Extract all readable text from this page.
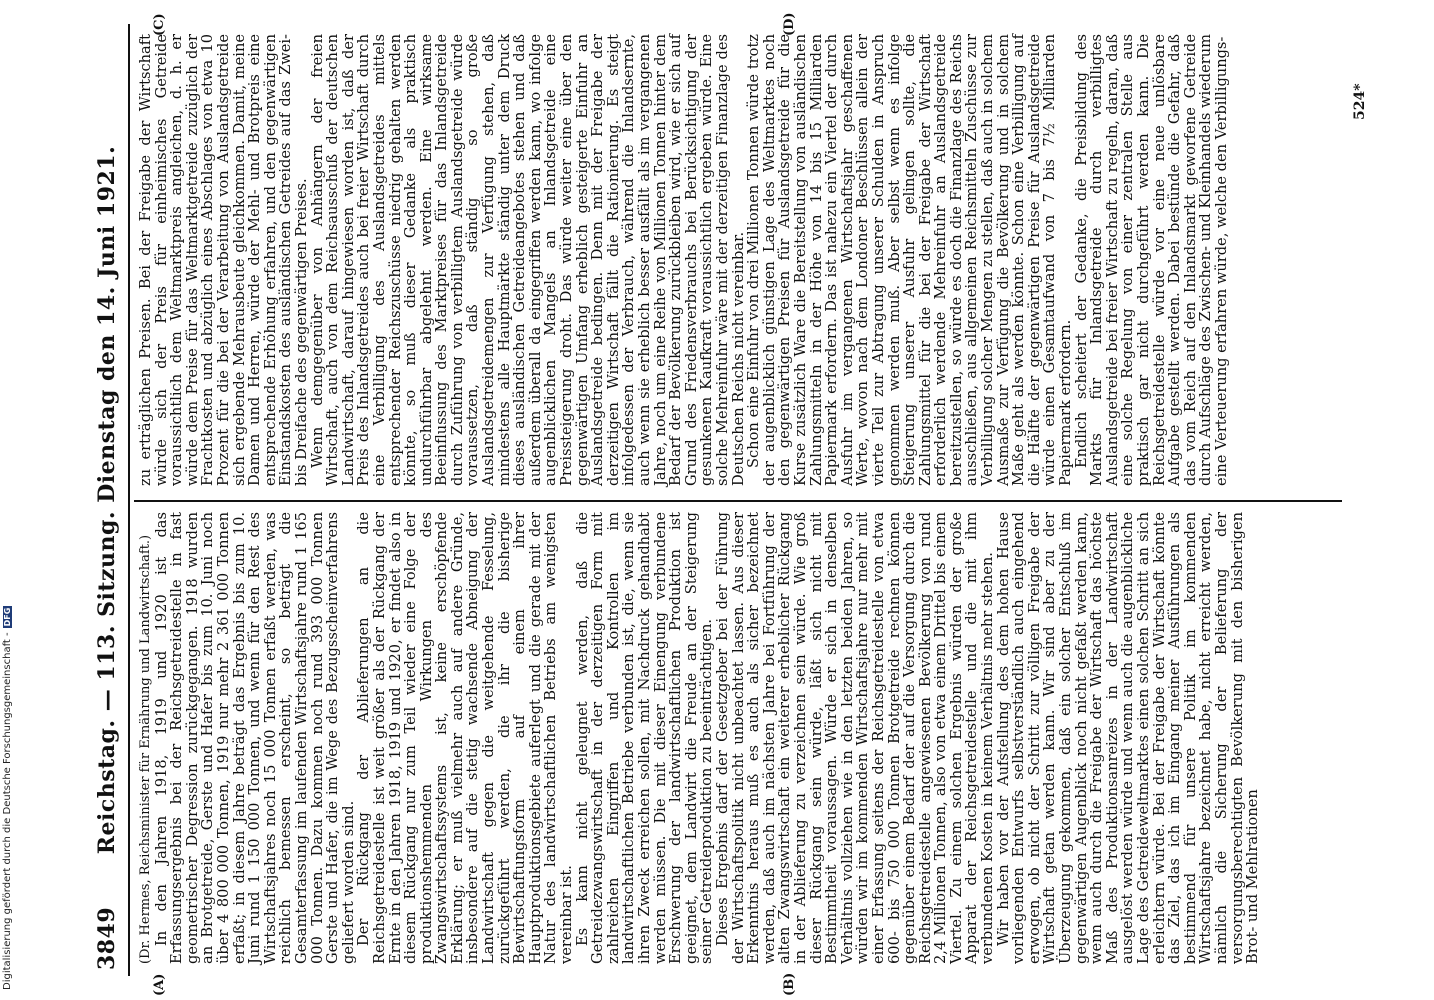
Digitalisierung gefördert durch die Deutsche Forschungsgemeinschaft -DFG
3849
Reichstag. — 113. Sitzung. Dienstag den 14. Juni 1921.
(A)	(B)
(C)	(D)

(Dr. Hermes, Reichsminister für Ernährung und Landwirtschaft.) In den Jahren 1918, 1919 und 1920 ist das Erfassungsergebnis bei der Reichsgetreidestelle in fast geometrischer Degression zurückgegangen. 1918 wurden an Brotgetreide, Gerste und Hafer bis zum 10. Juni noch über 4 800 000 Tonnen, 1919 nur mehr 2 361 000 Tonnen erfaßt; in diesem Jahre beträgt das Ergebnis bis zum 10. Juni rund 1 150 000 Tonnen, und wenn für den Rest des Wirtschaftsjahres noch 15 000 Tonnen erfaßt werden, was reichlich bemessen erscheint, so beträgt die Gesamterfassung im laufenden Wirtschaftsjahre rund 1 165 000 Tonnen. Dazu kommen noch rund 393 000 Tonnen Gerste und Hafer, die im Wege des Bezugsscheinverfahrens geliefert worden sind.

Der Rückgang der Ablieferungen an die Reichsgetreidestelle ist weit größer als der Rückgang der Ernte in den Jahren 1918, 1919 und 1920, er findet also in diesem Rückgang nur zum Teil wieder eine Folge der produktionshemmenden Wirkungen des Zwangswirtschaftssystems ist, keine erschöpfende Erklärung; er muß vielmehr auch auf andere Gründe, insbesondere auf die stetig wachsende Abneigung der Landwirtschaft gegen die weitgehende Fesselung, zurückgeführt werden, die ihr die bisherige Bewirtschaftungsform auf einem ihrer Hauptproduktionsgebiete auferlegt und die gerade mit der Natur des landwirtschaftlichen Betriebs am wenigsten vereinbar ist.

Es kann nicht geleugnet werden, daß die Getreidezwangswirtschaft in der derzeitigen Form mit zahlreichen Eingriffen und Kontrollen im landwirtschaftlichen Betriebe verbunden ist, die, wenn sie ihren Zweck erreichen sollen, mit Nachdruck gehandhabt werden müssen. Die mit dieser Einengung verbundene Erschwerung der landwirtschaftlichen Produktion ist geeignet, dem Landwirt die Freude an der Steigerung seiner Getreideproduktion zu beeinträchtigen.

Dieses Ergebnis darf der Gesetzgeber bei der Führung der Wirtschaftspolitik nicht unbeachtet lassen. Aus dieser Erkenntnis heraus muß es auch als sicher bezeichnet werden, daß auch im nächsten Jahre bei Fortführung der alten Zwangswirtschaft ein weiterer erheblicher Rückgang in der Ablieferung zu verzeichnen sein würde. Wie groß dieser Rückgang sein würde, läßt sich nicht mit Bestimmtheit voraussagen. Würde er sich in denselben Verhältnis vollziehen wie in den letzten beiden Jahren, so würden wir im kommenden Wirtschaftsjahre nur mehr mit einer Erfassung seitens der Reichsgetreidestelle von etwa 600- bis 750 000 Tonnen Brotgetreide rechnen können gegenüber einem Bedarf der auf die Versorgung durch die Reichsgetreidestelle angewiesenen Bevölkerung von rund 2,4 Millionen Tonnen, also von etwa einem Drittel bis einem Viertel. Zu einem solchen Ergebnis würden der große Apparat der Reichsgetreidestelle und die mit ihm verbundenen Kosten in keinem Verhältnis mehr stehen.

Wir haben vor der Aufstellung des dem hohen Hause vorliegenden Entwurfs selbstverständlich auch eingehend erwogen, ob nicht der Schritt zur völligen Freigabe der Wirtschaft getan werden kann. Wir sind aber zu der Überzeugung gekommen, daß ein solcher Entschluß im gegenwärtigen Augenblick noch nicht gefaßt werden kann, wenn auch durch die Freigabe der Wirtschaft das höchste Maß des Produktionsanreizes in der Landwirtschaft ausgelöst werden würde und wenn auch die augenblickliche Lage des Getreideweltmarktes einen solchen Schritt an sich erleichtern würde. Bei der Freigabe der Wirtschaft könnte das Ziel, das ich im Eingang meiner Ausführungen als bestimmend für unsere Politik im kommenden Wirtschaftsjahre bezeichnet habe, nicht erreicht werden, nämlich die Sicherung der Belieferung der versorgungsberechtigten Bevölkerung mit den bisherigen Brot- und Mehlrationen

zu erträglichen Preisen. Bei der Freigabe der Wirtschaft würde sich der Preis für einheimisches Getreide voraussichtlich dem Weltmarktpreis angleichen, d. h. er würde dem Preise für das Weltmarktgetreide zuzüglich der Frachtkosten und abzüglich eines Abschlages von etwa 10 Prozent für die bei der Verarbeitung von Auslandsgetreide sich ergebende Mehrausbeute gleichkommen. Damit, meine Damen und Herren, würde der Mehl- und Brotpreis eine entsprechende Erhöhung erfahren, und den gegenwärtigen Einstandskosten des ausländischen Getreides auf das Zwei- bis Dreifache des gegenwärtigen Preises.

Wenn demgegenüber von Anhängern der freien Wirtschaft, auch von dem Reichsausschuß der deutschen Landwirtschaft, darauf hingewiesen worden ist, daß der Preis des Inlandsgetreides auch bei freier Wirtschaft durch eine Verbilligung des Auslandsgetreides mittels entsprechender Reichszuschüsse niedrig gehalten werden könnte, so muß dieser Gedanke als praktisch undurchführbar abgelehnt werden. Eine wirksame Beeinflussung des Marktpreises für das Inlandsgetreide durch Zuführung von verbilligtem Auslandsgetreide würde voraussetzen, daß ständig so große Auslandsgetreidemengen zur Verfügung stehen, daß mindestens alle Hauptmärkte ständig unter dem Druck dieses ausländischen Getreideangebotes stehen und daß außerdem überall da eingegriffen werden kann, wo infolge augenblicklichen Mangels an Inlandsgetreide eine Preissteigerung droht. Das würde weiter eine über den gegenwärtigen Umfang erheblich gesteigerte Einfuhr an Auslandsgetreide bedingen. Denn mit der Freigabe der derzeitigen Wirtschaft fällt die Rationierung. Es steigt infolgedessen der Verbrauch, während die Inlandsernte, auch wenn sie erheblich besser ausfällt als im vergangenen Jahre, noch um eine Reihe von Millionen Tonnen hinter dem Bedarf der Bevölkerung zurückbleiben wird, wie er sich auf Grund des Friedensverbrauchs bei Berücksichtigung der gesunkenen Kaufkraft voraussichtlich ergeben würde. Eine solche Mehreinfuhr wäre mit der derzeitigen Finanzlage des Deutschen Reichs nicht vereinbar.

Schon eine Einfuhr von drei Millionen Tonnen würde trotz der augenblicklich günstigen Lage des Weltmarktes noch den gegenwärtigen Preisen für Auslandsgetreide für die Kurse zusätzlich Ware die Bereitstellung von ausländischen Zahlungsmitteln in der Höhe von 14 bis 15 Milliarden Papiermark erfordern. Das ist nahezu ein Viertel der durch Ausfuhr im vergangenen Wirtschaftsjahr geschaffenen Werte, wovon nach dem Londoner Beschlüssen allein der vierte Teil zur Abtragung unserer Schulden in Anspruch genommen werden muß. Aber selbst wenn es infolge Steigerung unserer Ausfuhr gelingen sollte, die Zahlungsmittel für die bei der Freigabe der Wirtschaft erforderlich werdende Mehreinfuhr an Auslandsgetreide bereitzustellen, so würde es doch die Finanzlage des Reichs ausschließen, aus allgemeinen Reichsmitteln Zuschüsse zur Verbilligung solcher Mengen zu stellen, daß auch in solchem Ausmaße zur Verfügung die Bevölkerung und in solchem Maße geht als werden könnte. Schon eine Verbilligung auf die Hälfte der gegenwärtigen Preise für Auslandsgetreide würde einen Gesamtaufwand von 7 bis 7½ Milliarden Papiermark erfordern.

Endlich scheitert der Gedanke, die Preisbildung des Markts für Inlandsgetreide durch verbilligtes Auslandsgetreide bei freier Wirtschaft zu regeln, daran, daß eine solche Regelung von einer zentralen Stelle aus praktisch gar nicht durchgeführt werden kann. Die Reichsgetreidestelle würde vor eine neue unlösbare Aufgabe gestellt werden. Dabei bestünde die Gefahr, daß das vom Reich auf den Inlandsmarkt geworfene Getreide durch Aufschläge des Zwischen- und Kleinhandels wiederum eine Verteuerung erfahren würde, welche den Verbilligungs-	524*
